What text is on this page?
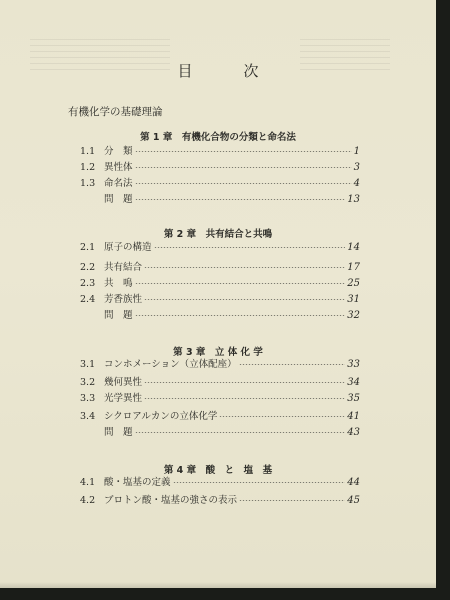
目　次
有機化学の基礎理論
第 1 章　有機化合物の分類と命名法
1.1 分　類	1
1.2 異性体	3
1.3 命名法	4
問　題	13
第 2 章　共有結合と共鳴
2.1 原子の構造	14
2.2 共有結合	17
2.3 共　鳴	25
2.4 芳香族性	31
問　題	32
第 3 章　立 体 化 学
3.1 コンホメーション（立体配座）	33
3.2 幾何異性	34
3.3 光学異性	35
3.4 シクロアルカンの立体化学	41
問　題	43
第 4 章　酸　と　塩　基
4.1 酸・塩基の定義	44
4.2 ブロトン酸・塩基の強さの表示	45
